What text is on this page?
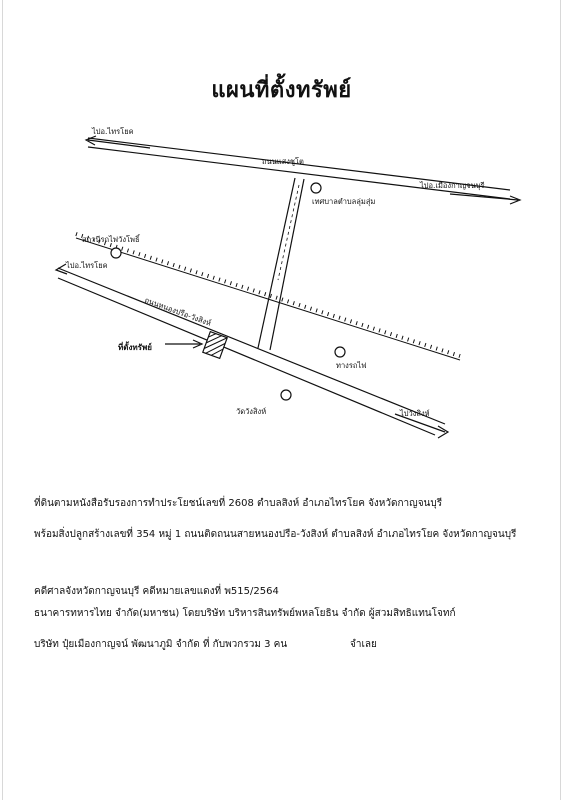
แผนที่ตั้งทรัพย์
ไปอ.ไทรโยค
ถนนแสงชูโต
ไปอ.เมืองกาญจนบุรี
เทศบาลตำบลลุ่มสุ่ม
สถานีรถไฟวังโพธิ์
ไปอ.ไทรโยค
ถนนหนองปรือ-วังสิงห์
ที่ตั้งทรัพย์
ทางรถไฟ
วัดวังสิงห์	ไปวังสิงห์
ที่ดินตามหนังสือรับรองการทำประโยชน์เลขที่ 2608 ตำบลสิงห์ อำเภอไทรโยค จังหวัดกาญจนบุรี
พร้อมสิ่งปลูกสร้างเลขที่ 354 หมู่ 1 ถนนติดถนนสายหนองปรือ-วังสิงห์ ตำบลสิงห์ อำเภอไทรโยค จังหวัดกาญจนบุรี
คดีศาลจังหวัดกาญจนบุรี คดีหมายเลขแดงที่ พ515/2564
ธนาคารทหารไทย จำกัด(มหาชน) โดยบริษัท บริหารสินทรัพย์พหลโยธิน จำกัด ผู้สวมสิทธิแทนโจทก์
บริษัท ปุ๋ยเมืองกาญจน์ พัฒนาภูมิ จำกัด ที่ กับพวกรวม 3 คน	จำเลย
